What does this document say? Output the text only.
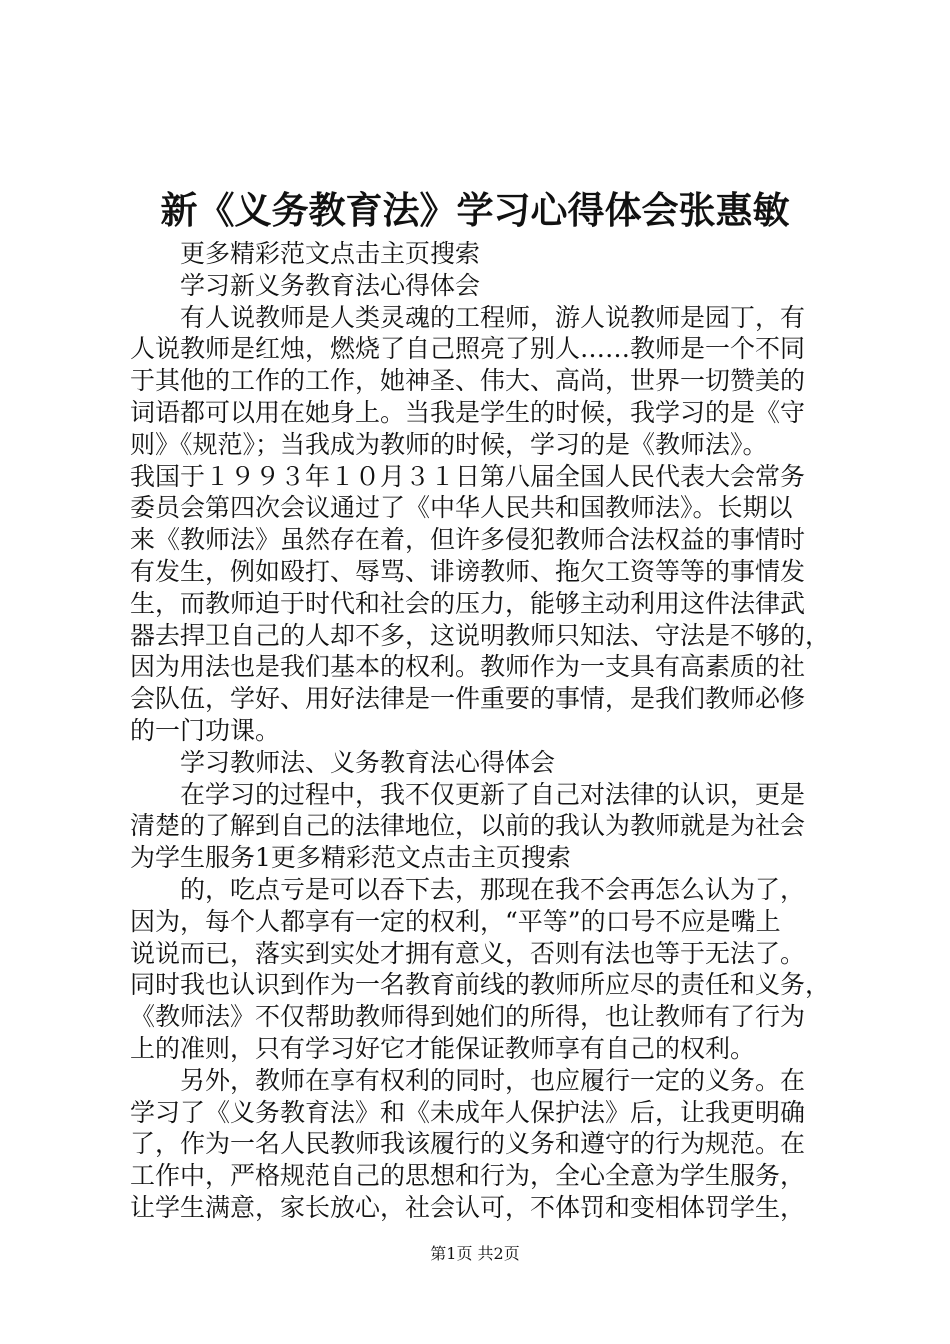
新《义务教育法》学习心得体会张惠敏
更多精彩范文点击主页搜索
学习新义务教育法心得体会
有人说教师是人类灵魂的工程师，游人说教师是园丁，有
人说教师是红烛，燃烧了自己照亮了别人……教师是一个不同
于其他的工作的工作，她神圣、伟大、高尚，世界一切赞美的
词语都可以用在她身上。当我是学生的时候，我学习的是《守
则》《规范》；当我成为教师的时候，学习的是《教师法》。
我国于１９９３年１０月３１日第八届全国人民代表大会常务
委员会第四次会议通过了《中华人民共和国教师法》。长期以
来《教师法》虽然存在着，但许多侵犯教师合法权益的事情时
有发生，例如殴打、辱骂、诽谤教师、拖欠工资等等的事情发
生，而教师迫于时代和社会的压力，能够主动利用这件法律武
器去捍卫自己的人却不多，这说明教师只知法、守法是不够的，
因为用法也是我们基本的权利。教师作为一支具有高素质的社
会队伍，学好、用好法律是一件重要的事情，是我们教师必修
的一门功课。
学习教师法、义务教育法心得体会
在学习的过程中，我不仅更新了自己对法律的认识，更是
清楚的了解到自己的法律地位，以前的我认为教师就是为社会
为学生服务1更多精彩范文点击主页搜索
的，吃点亏是可以吞下去，那现在我不会再怎么认为了，
因为，每个人都享有一定的权利，“平等”的口号不应是嘴上
说说而已，落实到实处才拥有意义，否则有法也等于无法了。
同时我也认识到作为一名教育前线的教师所应尽的责任和义务，
《教师法》不仅帮助教师得到她们的所得，也让教师有了行为
上的准则，只有学习好它才能保证教师享有自己的权利。
另外，教师在享有权利的同时，也应履行一定的义务。在
学习了《义务教育法》和《未成年人保护法》后，让我更明确
了，作为一名人民教师我该履行的义务和遵守的行为规范。在
工作中，严格规范自己的思想和行为，全心全意为学生服务，
让学生满意，家长放心，社会认可，不体罚和变相体罚学生，
第1页 共2页
